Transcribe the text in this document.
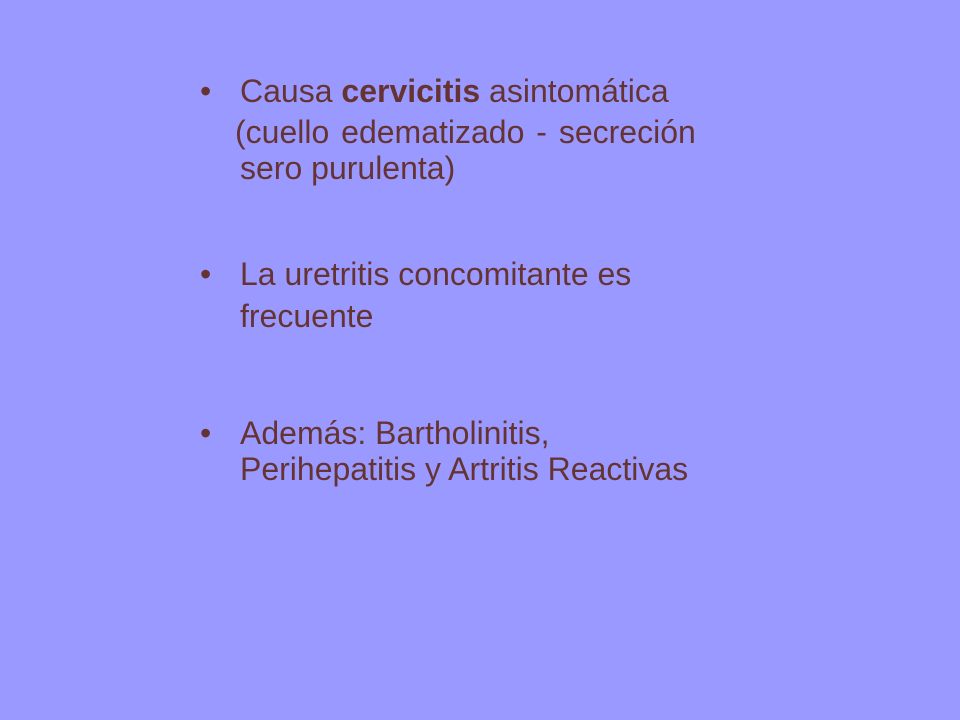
• Causa cervicitis asintomática
(cuello edematizado - secreción
sero purulenta)
• La uretritis concomitante es
frecuente
• Además: Bartholinitis,
Perihepatitis y Artritis Reactivas
